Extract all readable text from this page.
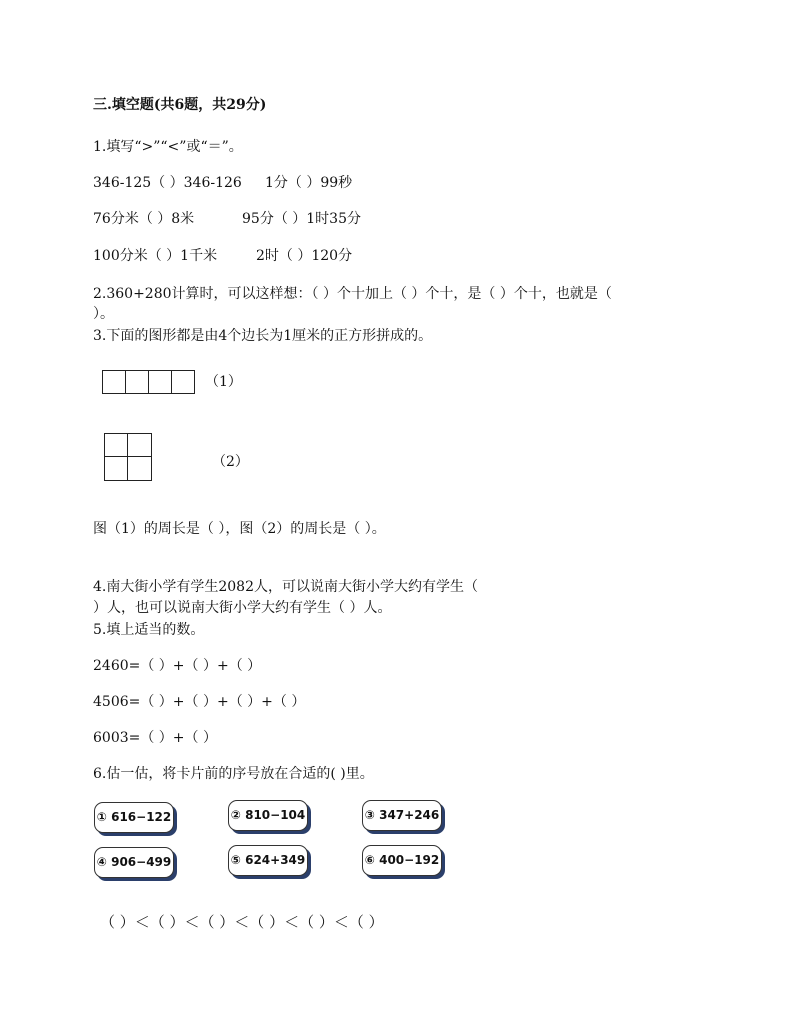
三.填空题(共6题，共29分)
1.填写“>”“<”或“＝”。
346-125（ ）346-126 1分（ ）99秒
76分米（ ）8米	95分（ ）1时35分
100分米（ ）1千米	2时（ ）120分
2.360+280计算时，可以这样想：（ ）个十加上（ ）个十，是（ ）个十，也就是（
）。
3.下面的图形都是由4个边长为1厘米的正方形拼成的。
（1）
（2）
图（1）的周长是（ ），图（2）的周长是（ ）。
4.南大街小学有学生2082人，可以说南大街小学大约有学生（
）人，也可以说南大街小学大约有学生（ ）人。
5.填上适当的数。
2460=（ ）+（ ）+（ ）
4506=（ ）+（ ）+（ ）+（ ）
6003=（ ）+（ ）
6.估一估，将卡片前的序号放在合适的( )里。
① 616−122	② 810−104	③ 347+246
④ 906−499	⑤ 624+349	⑥ 400−192
（ ）＜（ ）＜（ ）＜（ ）＜（ ）＜（ ）
